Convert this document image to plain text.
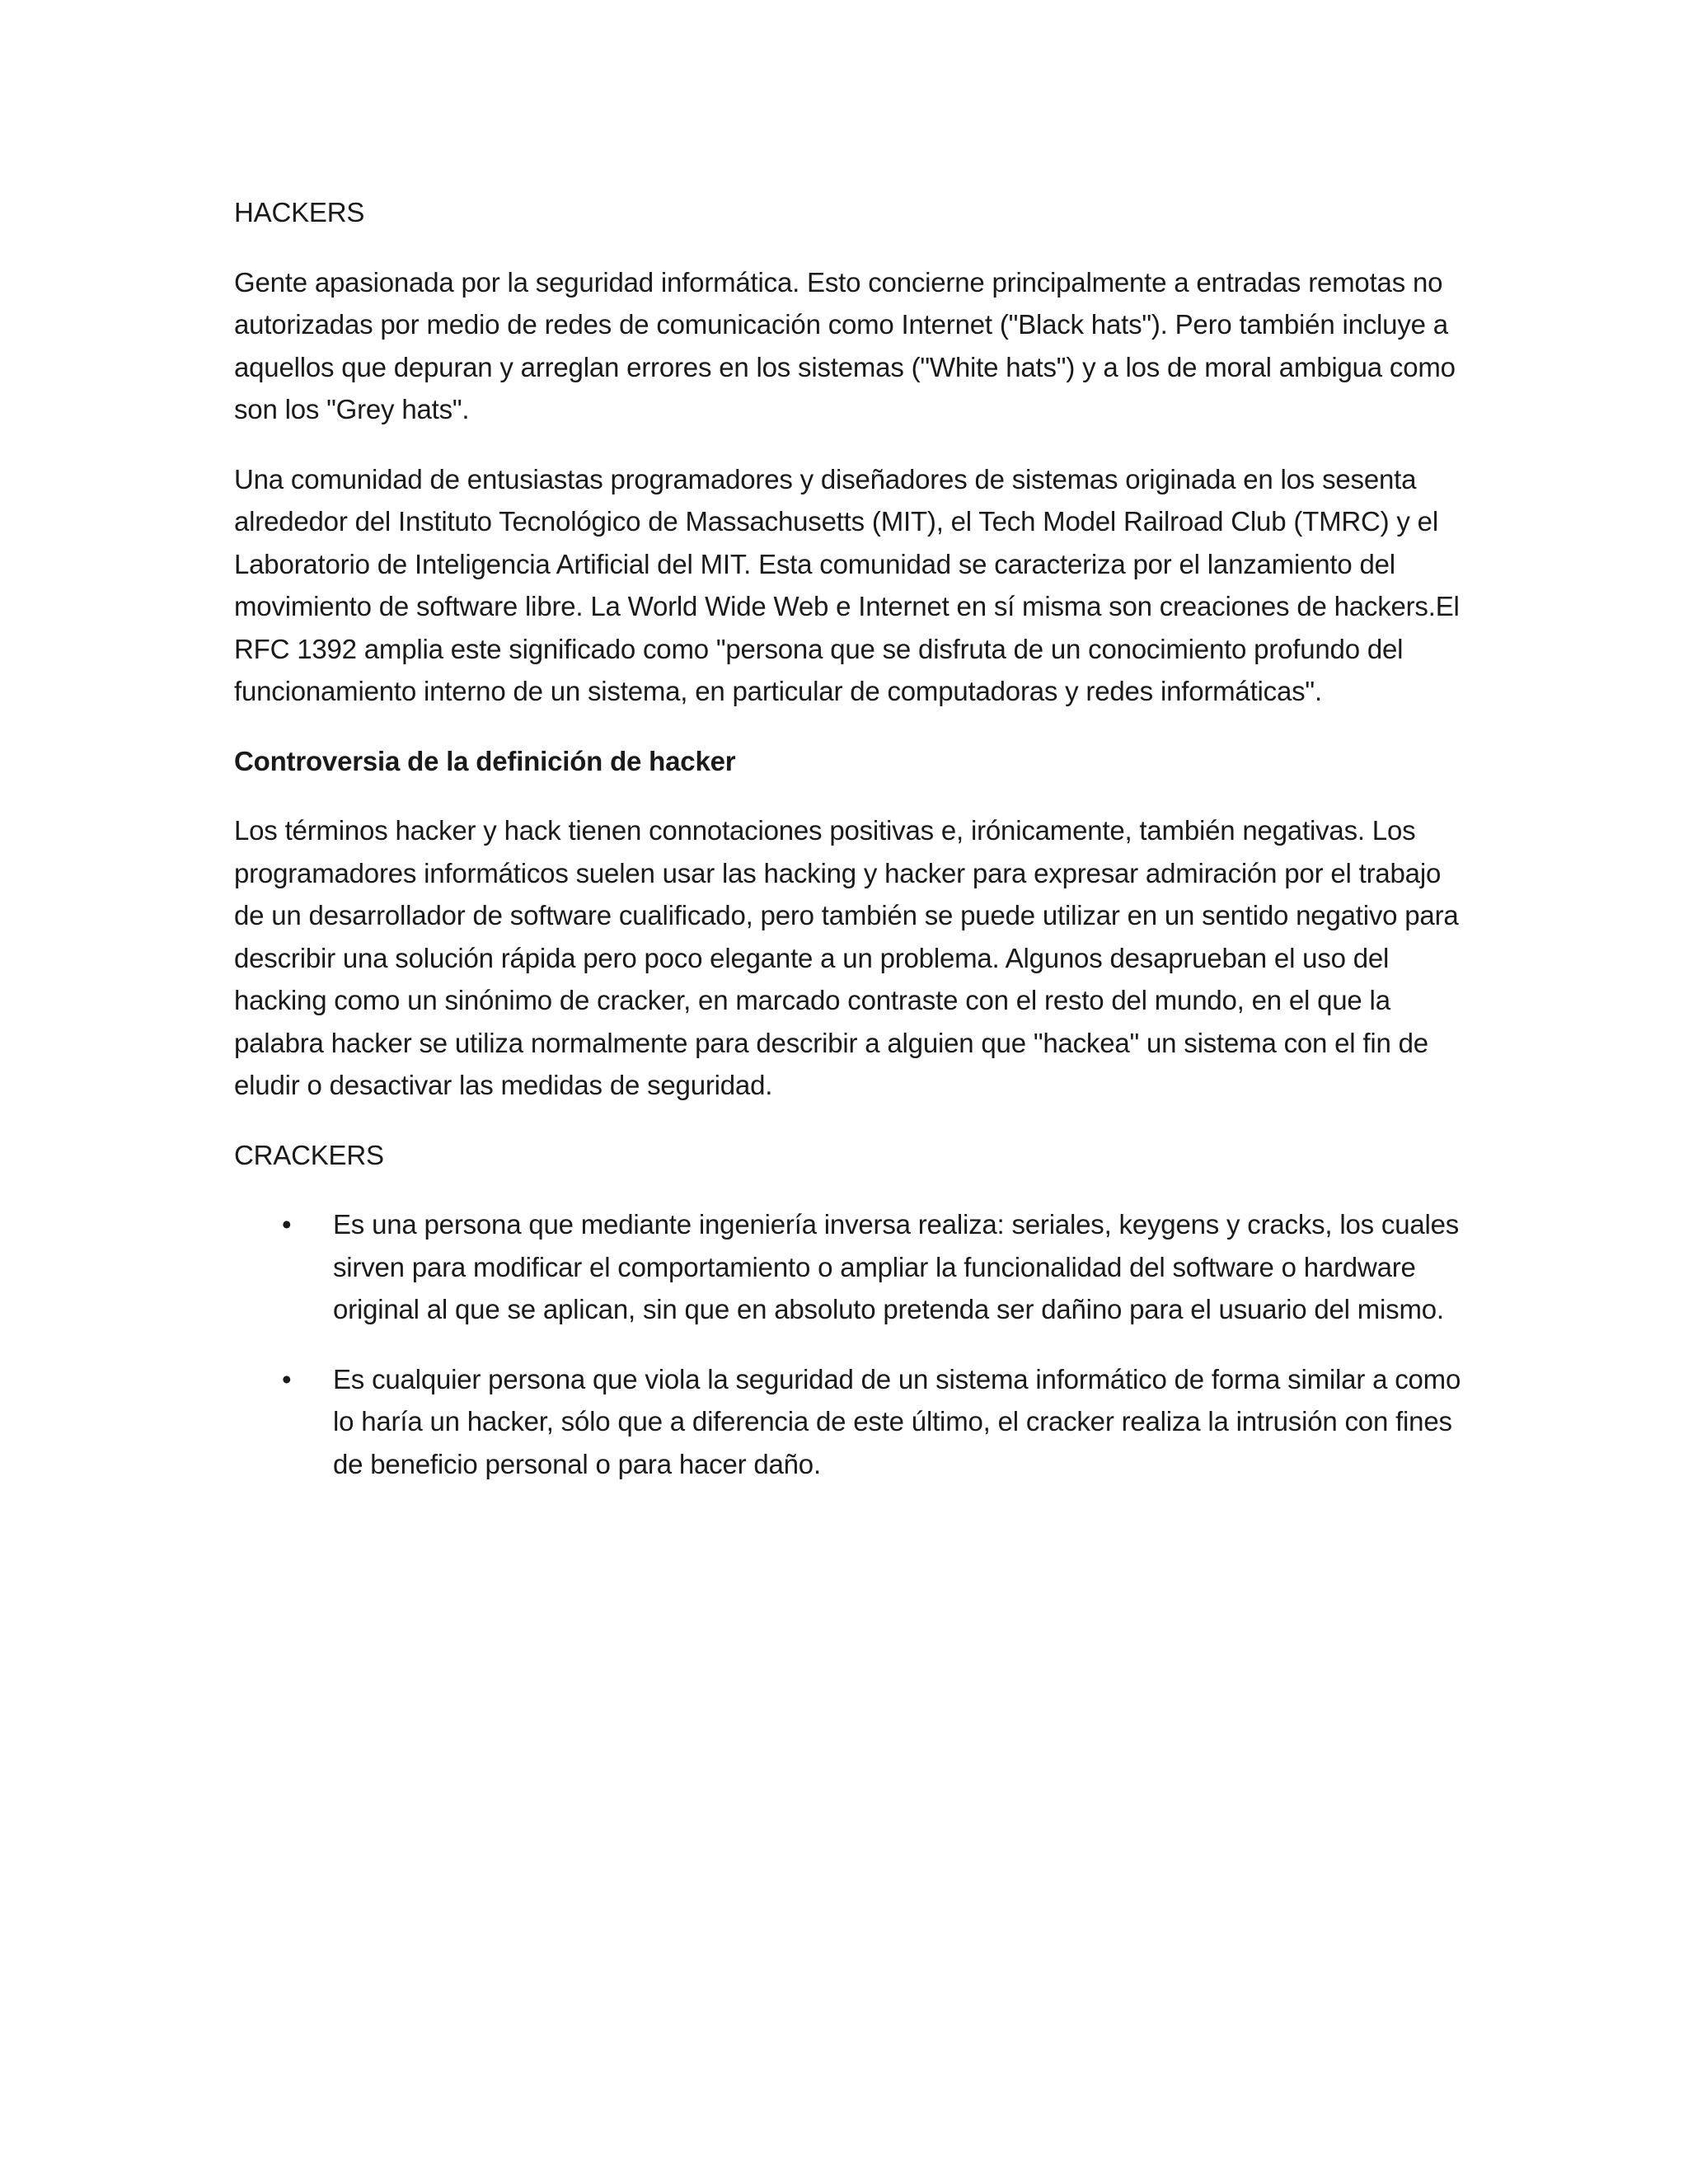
HACKERS

Gente apasionada por la seguridad informática. Esto concierne principalmente a entradas remotas no autorizadas por medio de redes de comunicación como Internet ("Black hats"). Pero también incluye a aquellos que depuran y arreglan errores en los sistemas ("White hats") y a los de moral ambigua como son los "Grey hats".

Una comunidad de entusiastas programadores y diseñadores de sistemas originada en los sesenta alrededor del Instituto Tecnológico de Massachusetts (MIT), el Tech Model Railroad Club (TMRC) y el Laboratorio de Inteligencia Artificial del MIT. Esta comunidad se caracteriza por el lanzamiento del movimiento de software libre. La World Wide Web e Internet en sí misma son creaciones de hackers.El RFC 1392 amplia este significado como "persona que se disfruta de un conocimiento profundo del funcionamiento interno de un sistema, en particular de computadoras y redes informáticas".

Controversia de la definición de hacker

Los términos hacker y hack tienen connotaciones positivas e, irónicamente, también negativas. Los programadores informáticos suelen usar las hacking y hacker para expresar admiración por el trabajo de un desarrollador de software cualificado, pero también se puede utilizar en un sentido negativo para describir una solución rápida pero poco elegante a un problema. Algunos desaprueban el uso del hacking como un sinónimo de cracker, en marcado contraste con el resto del mundo, en el que la palabra hacker se utiliza normalmente para describir a alguien que "hackea" un sistema con el fin de eludir o desactivar las medidas de seguridad.

CRACKERS

• Es una persona que mediante ingeniería inversa realiza: seriales, keygens y cracks, los cuales sirven para modificar el comportamiento o ampliar la funcionalidad del software o hardware original al que se aplican, sin que en absoluto pretenda ser dañino para el usuario del mismo.
• Es cualquier persona que viola la seguridad de un sistema informático de forma similar a como lo haría un hacker, sólo que a diferencia de este último, el cracker realiza la intrusión con fines de beneficio personal o para hacer daño.
